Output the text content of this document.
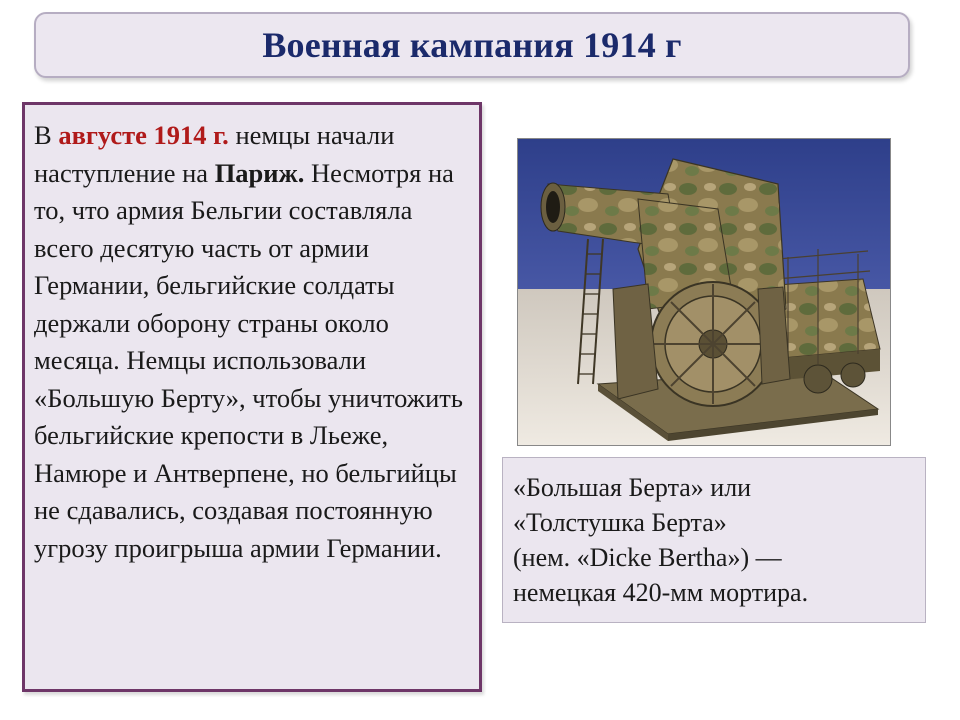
Военная кампания 1914 г

В августе 1914 г. немцы начали наступление на Париж. Несмотря на то, что армия Бельгии составляла всего десятую часть от армии Германии, бельгийские солдаты держали оборону страны около месяца. Немцы использовали «Большую Берту», чтобы уничтожить бельгийские крепости в Льеже, Намюре и Антверпене, но бельгийцы не сдавались, создавая постоянную угрозу проигрыша армии Германии.

«Большая Берта» или
«Толстушка Берта»
(нем. «Dicke Bertha») —
немецкая 420-мм мортира.
